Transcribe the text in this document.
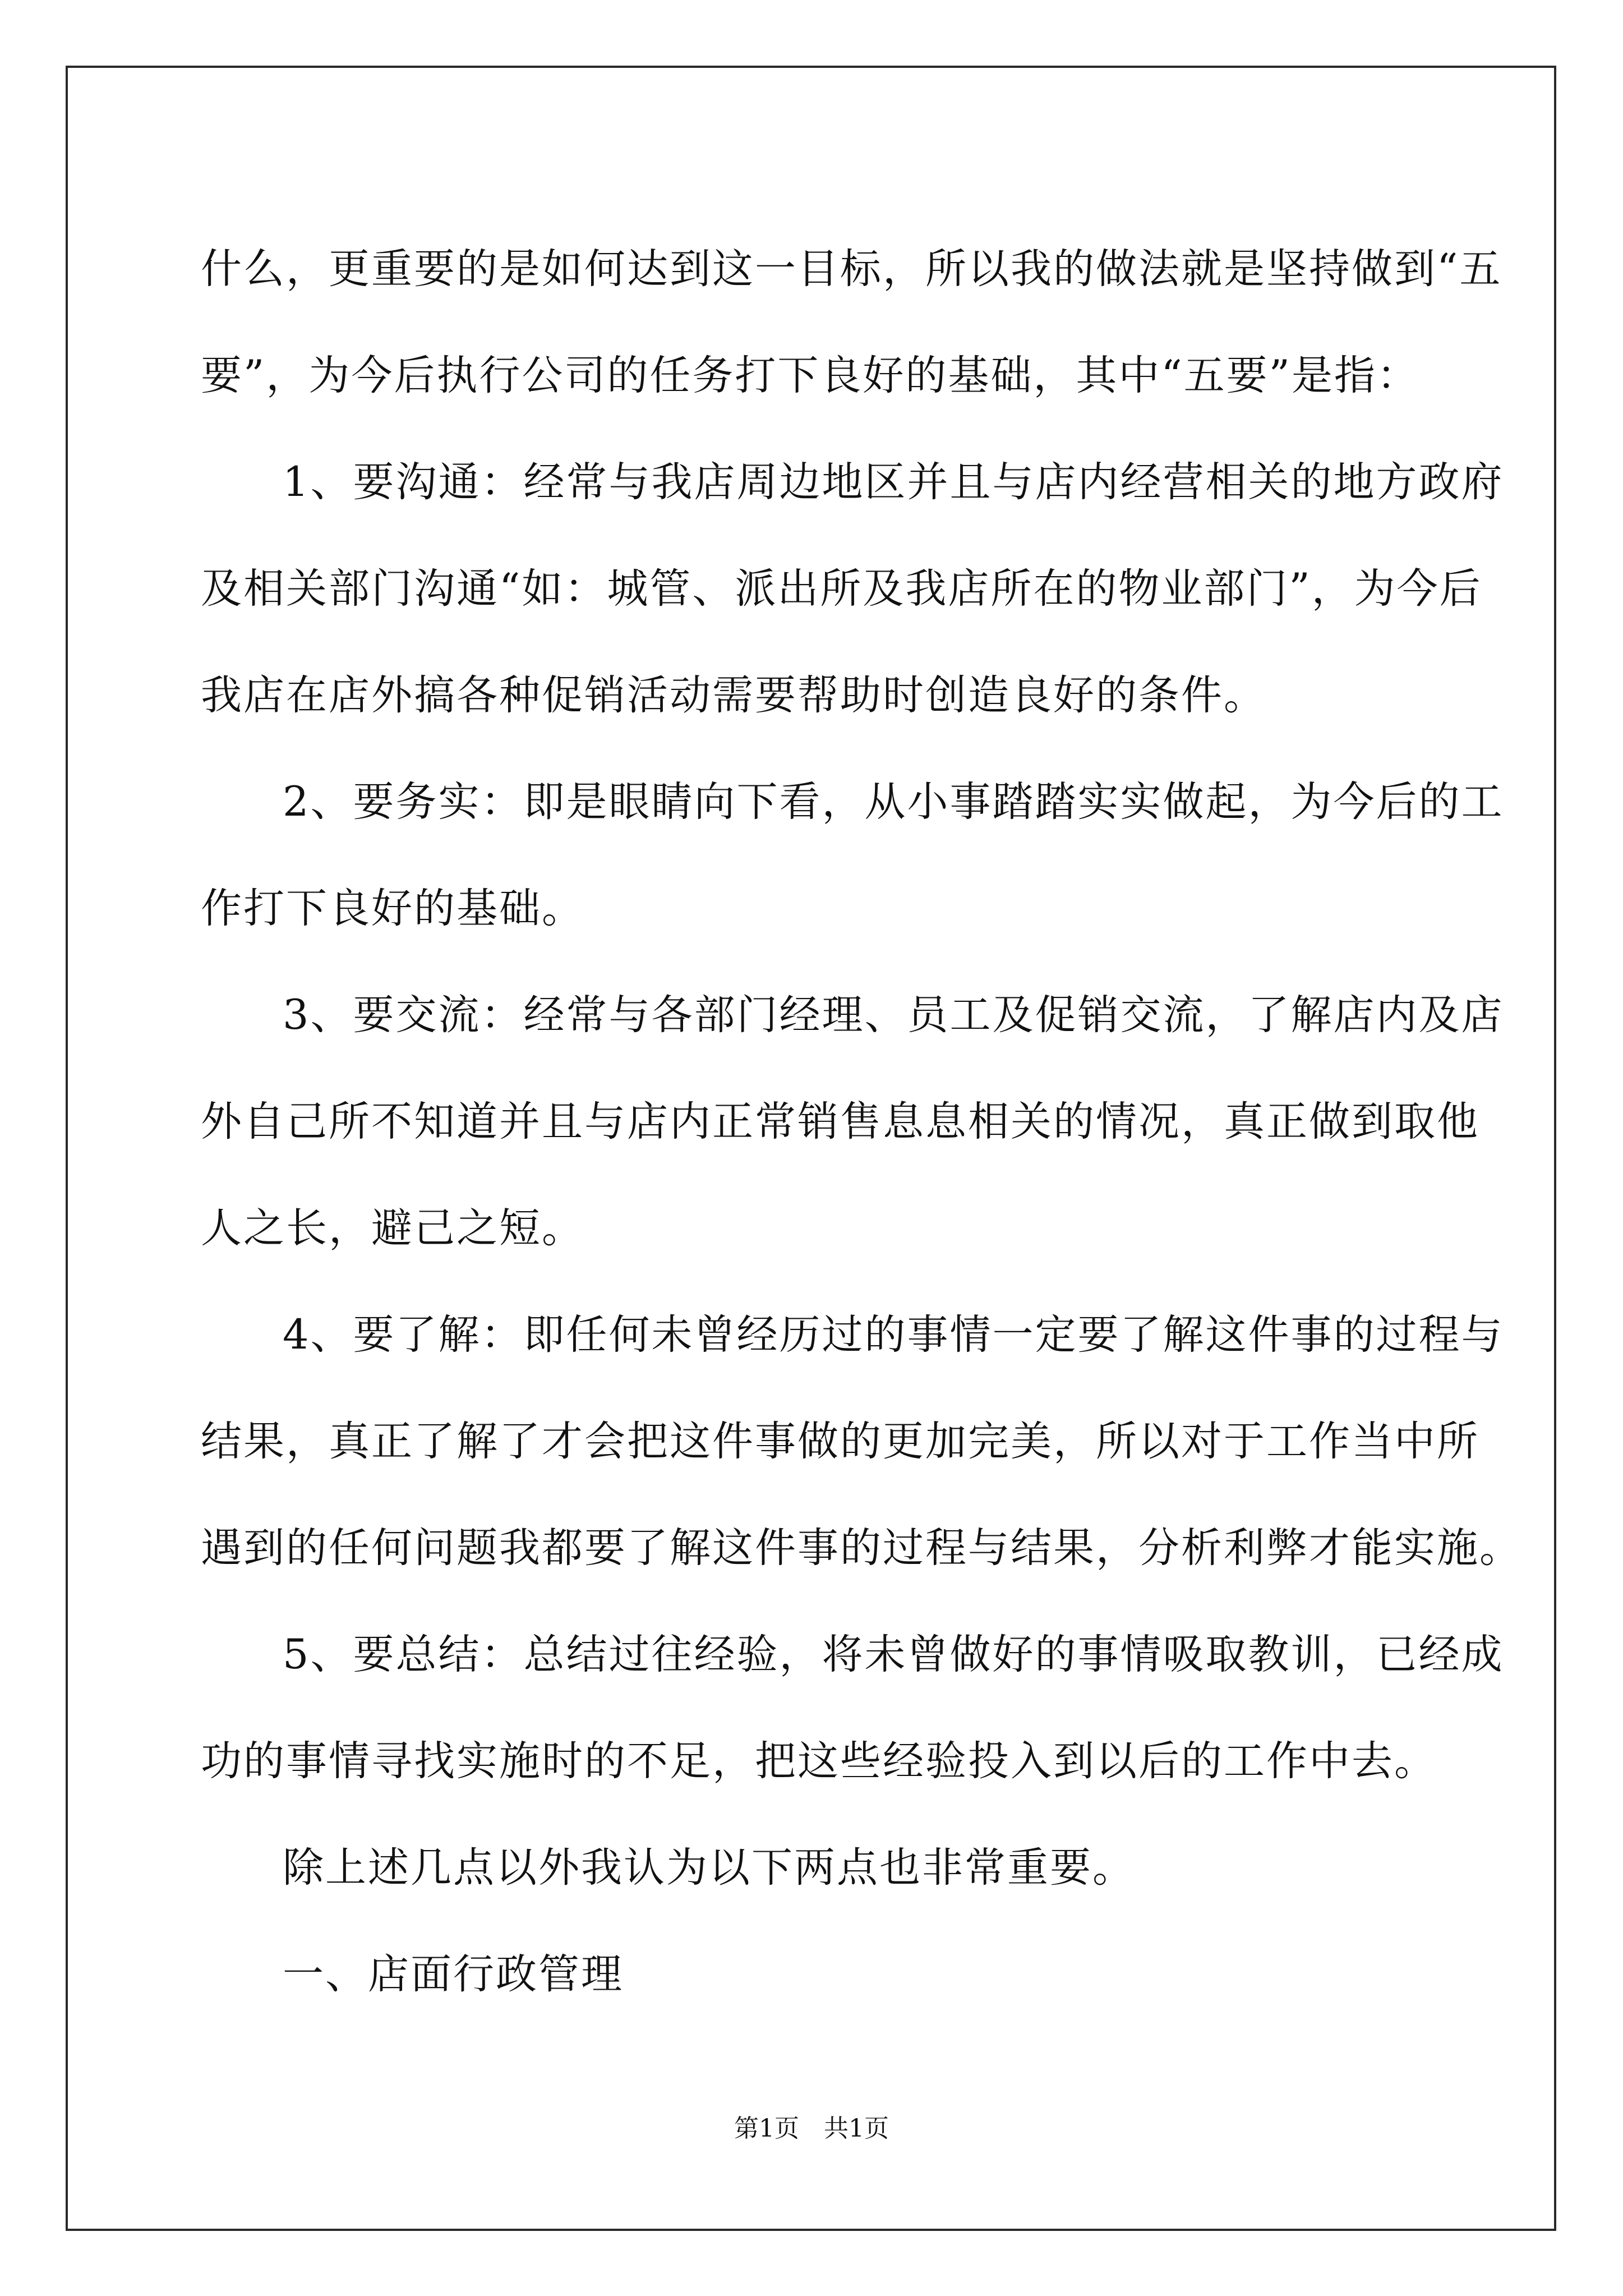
什么，更重要的是如何达到这一目标，所以我的做法就是坚持做到“五
要”，为今后执行公司的任务打下良好的基础，其中“五要”是指：

1、要沟通：经常与我店周边地区并且与店内经营相关的地方政府
及相关部门沟通“如：城管、派出所及我店所在的物业部门”，为今后
我店在店外搞各种促销活动需要帮助时创造良好的条件。

2、要务实：即是眼睛向下看，从小事踏踏实实做起，为今后的工
作打下良好的基础。

3、要交流：经常与各部门经理、员工及促销交流，了解店内及店
外自己所不知道并且与店内正常销售息息相关的情况，真正做到取他
人之长，避己之短。

4、要了解：即任何未曾经历过的事情一定要了解这件事的过程与
结果，真正了解了才会把这件事做的更加完美，所以对于工作当中所
遇到的任何问题我都要了解这件事的过程与结果，分析利弊才能实施。

5、要总结：总结过往经验，将未曾做好的事情吸取教训，已经成
功的事情寻找实施时的不足，把这些经验投入到以后的工作中去。

除上述几点以外我认为以下两点也非常重要。

一、店面行政管理

第1页　共1页
